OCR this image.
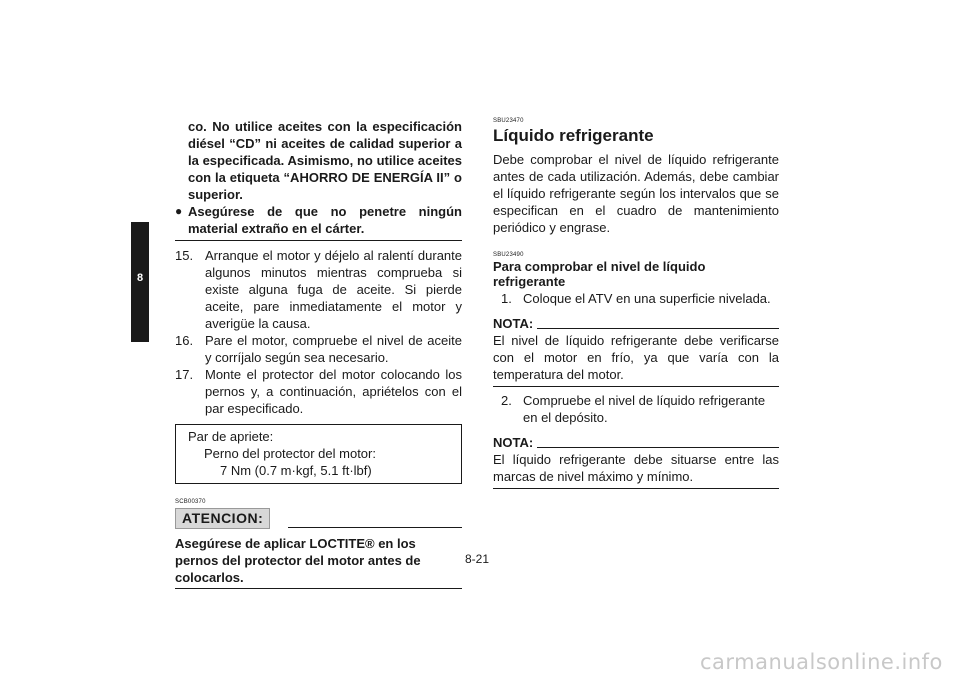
8

co. No utilice aceites con la especificación diésel “CD” ni aceites de calidad superior a la especificada. Asimismo, no utilice aceites con la etiqueta “AHORRO DE ENERGÍA II” o superior.

● Asegúrese de que no penetre ningún material extraño en el cárter.
15. Arranque el motor y déjelo al ralentí durante algunos minutos mientras comprueba si existe alguna fuga de aceite. Si pierde aceite, pare inmediatamente el motor y averigüe la causa.
16. Pare el motor, compruebe el nivel de aceite y corríjalo según sea necesario.
17. Monte el protector del motor colocando los pernos y, a continuación, apriételos con el par especificado.
Par de apriete:
Perno del protector del motor:
7 Nm (0.7 m·kgf, 5.1 ft·lbf)
SCB00370
ATENCION:

Asegúrese de aplicar LOCTITE® en los pernos del protector del motor antes de colocarlos.

SBU23470
Líquido refrigerante

Debe comprobar el nivel de líquido refrigerante antes de cada utilización. Además, debe cambiar el líquido refrigerante según los intervalos que se especifican en el cuadro de mantenimiento periódico y engrase.

SBU23490
Para comprobar el nivel de líquido refrigerante
1. Coloque el ATV en una superficie nivelada.
NOTA:

El nivel de líquido refrigerante debe verificarse con el motor en frío, ya que varía con la temperatura del motor.

2. Compruebe el nivel de líquido refrigerante en el depósito.
NOTA:

El líquido refrigerante debe situarse entre las marcas de nivel máximo y mínimo.

8-21
carmanualsonline.info
